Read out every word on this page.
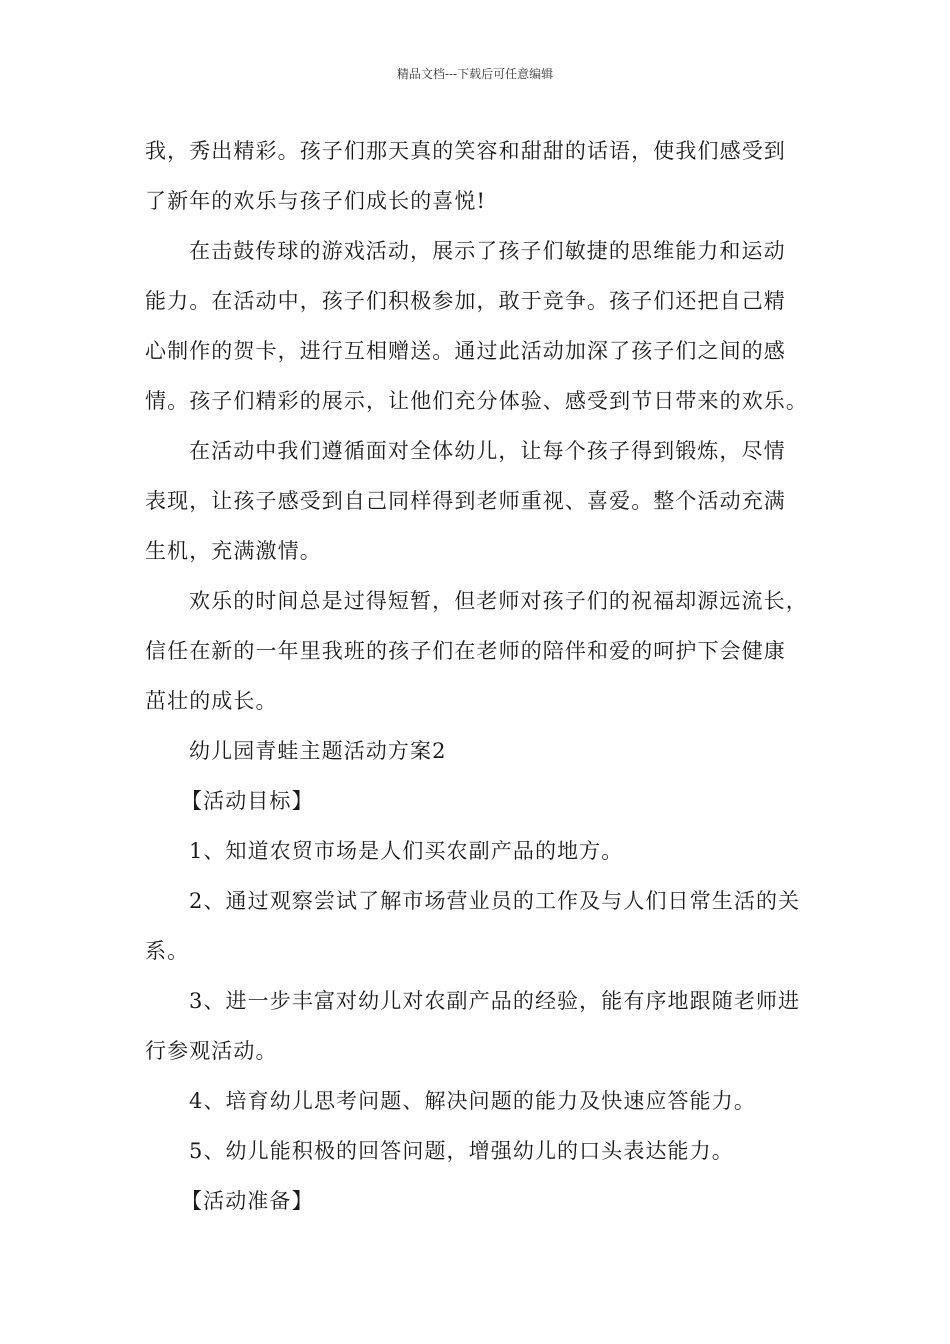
精品文档---下载后可任意编辑

我，秀出精彩。孩子们那天真的笑容和甜甜的话语，使我们感受到

了新年的欢乐与孩子们成长的喜悦!

在击鼓传球的游戏活动，展示了孩子们敏捷的思维能力和运动

能力。在活动中，孩子们积极参加，敢于竞争。孩子们还把自己精

心制作的贺卡，进行互相赠送。通过此活动加深了孩子们之间的感

情。孩子们精彩的展示，让他们充分体验、感受到节日带来的欢乐。

在活动中我们遵循面对全体幼儿，让每个孩子得到锻炼，尽情

表现，让孩子感受到自己同样得到老师重视、喜爱。整个活动充满

生机，充满激情。

欢乐的时间总是过得短暂，但老师对孩子们的祝福却源远流长，

信任在新的一年里我班的孩子们在老师的陪伴和爱的呵护下会健康

茁壮的成长。

幼儿园青蛙主题活动方案2

【活动目标】

1、知道农贸市场是人们买农副产品的地方。

2、通过观察尝试了解市场营业员的工作及与人们日常生活的关

系。

3、进一步丰富对幼儿对农副产品的经验，能有序地跟随老师进

行参观活动。

4、培育幼儿思考问题、解决问题的能力及快速应答能力。

5、幼儿能积极的回答问题，增强幼儿的口头表达能力。

【活动准备】
